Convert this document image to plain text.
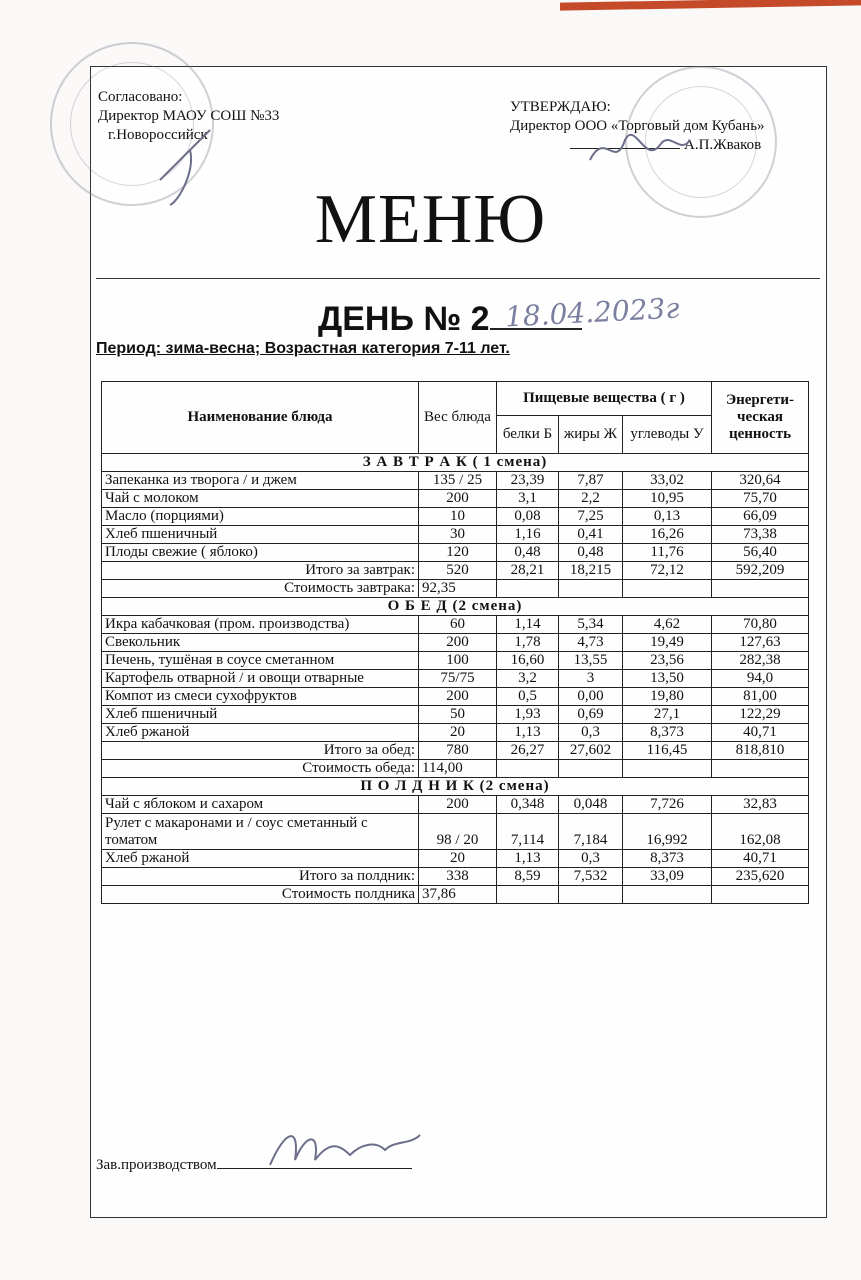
Согласовано:
Директор МАОУ СОШ №33
г.Новороссийск
УТВЕРЖДАЮ:
Директор ООО «Торговый дом Кубань»
А.П.Жваков
МЕНЮ
ДЕНЬ № 2 18.04.2023г
Период: зима-весна; Возрастная категория 7-11 лет.
Наименование блюда	Вес блюда	Пищевые вещества ( г )			Энергети-ческая ценность
		белки Б	жиры Ж	углеводы У	
З А В Т Р А К ( 1 смена)					
Запеканка из творога / и джем	135 / 25	23,39	7,87	33,02	320,64
Чай с молоком	200	3,1	2,2	10,95	75,70
Масло (порциями)	10	0,08	7,25	0,13	66,09
Хлеб пшеничный	30	1,16	0,41	16,26	73,38
Плоды свежие ( яблоко)	120	0,48	0,48	11,76	56,40
Итого за завтрак:	520	28,21	18,215	72,12	592,209
Стоимость завтрака:	92,35				
О Б Е Д (2 смена)					
Икра кабачковая (пром. производства)	60	1,14	5,34	4,62	70,80
Свекольник	200	1,78	4,73	19,49	127,63
Печень, тушёная в соусе сметанном	100	16,60	13,55	23,56	282,38
Картофель отварной / и овощи отварные	75/75	3,2	3	13,50	94,0
Компот из смеси сухофруктов	200	0,5	0,00	19,80	81,00
Хлеб пшеничный	50	1,93	0,69	27,1	122,29
Хлеб ржаной	20	1,13	0,3	8,373	40,71
Итого за обед:	780	26,27	27,602	116,45	818,810
Стоимость обеда:	114,00				
П О Л Д Н И К (2 смена)					
Чай с яблоком и сахаром	200	0,348	0,048	7,726	32,83
Рулет с макаронами и / соус сметанный с томатом	98 / 20	7,114	7,184	16,992	162,08
Хлеб ржаной	20	1,13	0,3	8,373	40,71
Итого за полдник:	338	8,59	7,532	33,09	235,620
Стоимость полдника	37,86				
Зав.производством
